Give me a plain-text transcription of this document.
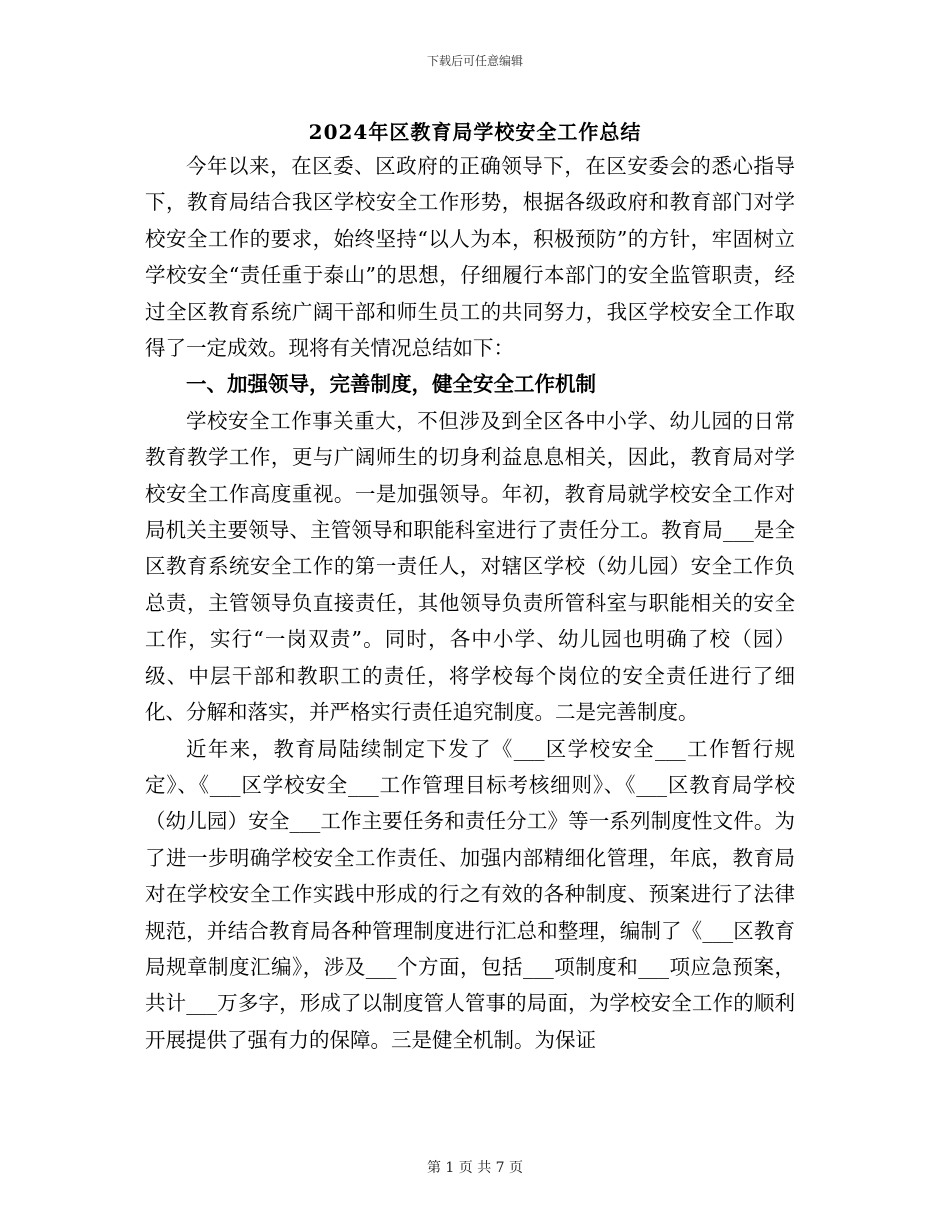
下载后可任意编辑
2024年区教育局学校安全工作总结

今年以来，在区委、区政府的正确领导下，在区安委会的悉心指导下，教育局结合我区学校安全工作形势，根据各级政府和教育部门对学校安全工作的要求，始终坚持“以人为本，积极预防”的方针，牢固树立学校安全“责任重于泰山”的思想，仔细履行本部门的安全监管职责，经过全区教育系统广阔干部和师生员工的共同努力，我区学校安全工作取得了一定成效。现将有关情况总结如下：

一、加强领导，完善制度，健全安全工作机制

学校安全工作事关重大，不但涉及到全区各中小学、幼儿园的日常教育教学工作，更与广阔师生的切身利益息息相关，因此，教育局对学校安全工作高度重视。一是加强领导。年初，教育局就学校安全工作对局机关主要领导、主管领导和职能科室进行了责任分工。教育局___是全区教育系统安全工作的第一责任人，对辖区学校（幼儿园）安全工作负总责，主管领导负直接责任，其他领导负责所管科室与职能相关的安全工作，实行“一岗双责”。同时，各中小学、幼儿园也明确了校（园）级、中层干部和教职工的责任，将学校每个岗位的安全责任进行了细化、分解和落实，并严格实行责任追究制度。二是完善制度。

近年来，教育局陆续制定下发了《___区学校安全___工作暂行规定》、《___区学校安全___工作管理目标考核细则》、《___区教育局学校（幼儿园）安全___工作主要任务和责任分工》等一系列制度性文件。为了进一步明确学校安全工作责任、加强内部精细化管理，年底，教育局对在学校安全工作实践中形成的行之有效的各种制度、预案进行了法律规范，并结合教育局各种管理制度进行汇总和整理，编制了《___区教育局规章制度汇编》，涉及___个方面，包括___项制度和___项应急预案，共计___万多字，形成了以制度管人管事的局面，为学校安全工作的顺利开展提供了强有力的保障。三是健全机制。为保证

第 1 页 共 7 页
